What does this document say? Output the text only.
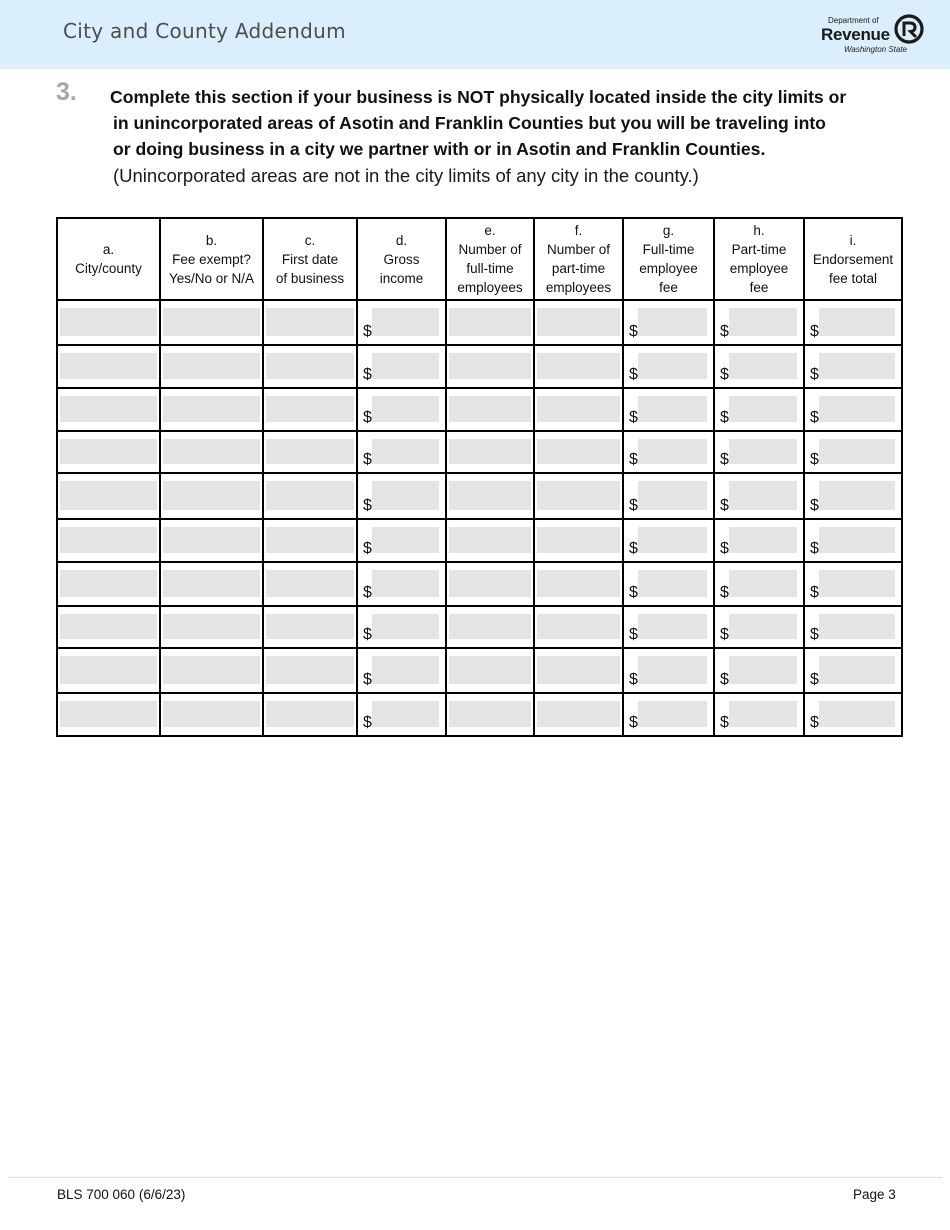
City and County Addendum	Department of
Revenue
Washington State
3. Complete this section if your business is NOT physically located inside the city limits or
in unincorporated areas of Asotin and Franklin Counties but you will be traveling into
or doing business in a city we partner with or in Asotin and Franklin Counties.
(Unincorporated areas are not in the city limits of any city in the county.)
a.
City/county	b.
Fee exempt?
Yes/No or N/A	c.
First date
of business	d.
Gross
income	e.
Number of
full-time
employees	f.
Number of
part-time
employees	g.
Full-time
employee
fee	h.
Part-time
employee
fee	i.
Endorsement
fee total

			$			$	$	$

			$			$	$	$

			$			$	$	$

			$			$	$	$

			$			$	$	$

			$			$	$	$

			$			$	$	$

			$			$	$	$

			$			$	$	$

			$			$	$	$
BLS 700 060 (6/6/23)	Page 3
